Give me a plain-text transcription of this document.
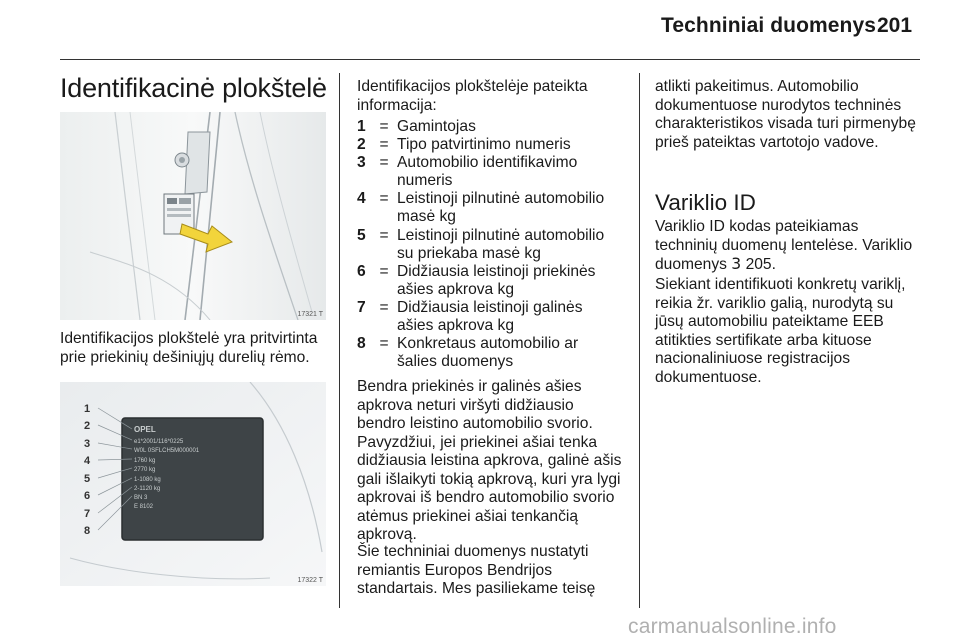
Techniniai duomenys 201
Identifikacinė plokštelė
17321 T
Identifikacijos plokštelė yra pritvirtinta prie priekinių dešiniųjų durelių rėmo.
OPEL
e1*2001/116*0225
W0L 0SFLCH5M000001
1760 kg
2770 kg
1-1080 kg
2-1120 kg
BN 3
E 8102
1
2
3
4
5
6
7
8
17322 T
Identifikacijos plokštelėje pateikta informacija:
1 = Gamintojas
2 = Tipo patvirtinimo numeris
3 = Automobilio identifikavimo numeris
4 = Leistinoji pilnutinė automobilio masė kg
5 = Leistinoji pilnutinė automobilio su priekaba masė kg
6 = Didžiausia leistinoji priekinės ašies apkrova kg
7 = Didžiausia leistinoji galinės ašies apkrova kg
8 = Konkretaus automobilio ar šalies duomenys
Bendra priekinės ir galinės ašies apkrova neturi viršyti didžiausio bendro leistino automobilio svorio. Pavyzdžiui, jei priekinei ašiai tenka didžiausia leistina apkrova, galinė ašis gali išlaikyti tokią apkrovą, kuri yra lygi apkrovai iš bendro automobilio svorio atėmus priekinei ašiai tenkančią apkrovą.
Šie techniniai duomenys nustatyti remiantis Europos Bendrijos standartais. Mes pasiliekame teisę
atlikti pakeitimus. Automobilio dokumentuose nurodytos techninės charakteristikos visada turi pirmenybę prieš pateiktas vartotojo vadove.
Variklio ID
Variklio ID kodas pateikiamas techninių duomenų lentelėse. Variklio duomenys 3 205.
Siekiant identifikuoti konkretų variklį, reikia žr. variklio galią, nurodytą su jūsų automobiliu pateiktame EEB atitikties sertifikate arba kituose nacionaliniuose registracijos dokumentuose.
carmanualsonline.info
